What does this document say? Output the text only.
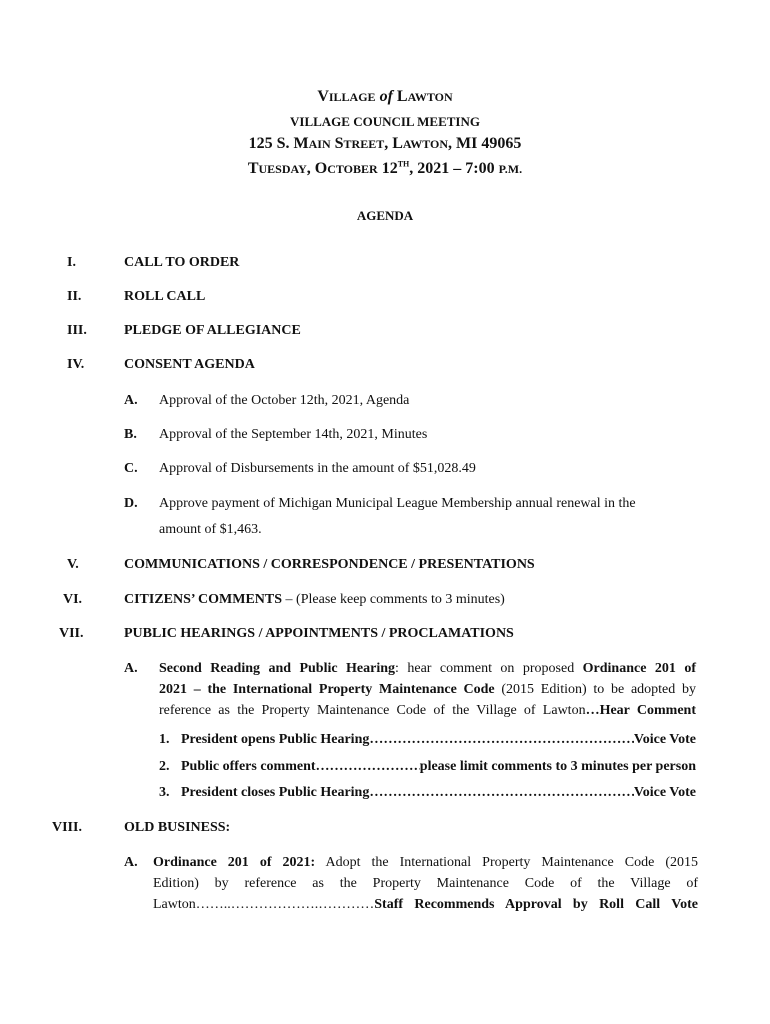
VILLAGE of LAWTON
VILLAGE COUNCIL MEETING
125 S. MAIN STREET, LAWTON, MI 49065
TUESDAY, OCTOBER 12TH, 2021 – 7:00 P.M.
AGENDA
I.	CALL TO ORDER
II.	ROLL CALL
III.	PLEDGE OF ALLEGIANCE
IV.	CONSENT AGENDA
A. Approval of the October 12th, 2021, Agenda
B. Approval of the September 14th, 2021, Minutes
C. Approval of Disbursements in the amount of $51,028.49
D. Approve payment of Michigan Municipal League Membership annual renewal in the
amount of $1,463.
V.	COMMUNICATIONS / CORRESPONDENCE / PRESENTATIONS
VI.	CITIZENS’ COMMENTS – (Please keep comments to 3 minutes)
VII.	PUBLIC HEARINGS / APPOINTMENTS / PROCLAMATIONS
A. Second Reading and Public Hearing: hear comment on proposed Ordinance 201 of
2021 – the International Property Maintenance Code (2015 Edition) to be adopted by
reference as the Property Maintenance Code of the Village of Lawton…Hear Comment
1. President opens Public Hearing ……………………………………………………………………………………………………	Voice Vote
2. Public offers comment ……………………………………………………………………………………………………	please limit comments to 3 minutes per person
3. President closes Public Hearing ……………………………………………………………………………………………………	Voice Vote
VIII.	OLD BUSINESS:
A. Ordinance 201 of 2021: Adopt the International Property Maintenance Code (2015
Edition) by reference as the Property Maintenance Code of the Village of
Lawton……..……………….…………Staff Recommends Approval by Roll Call Vote
